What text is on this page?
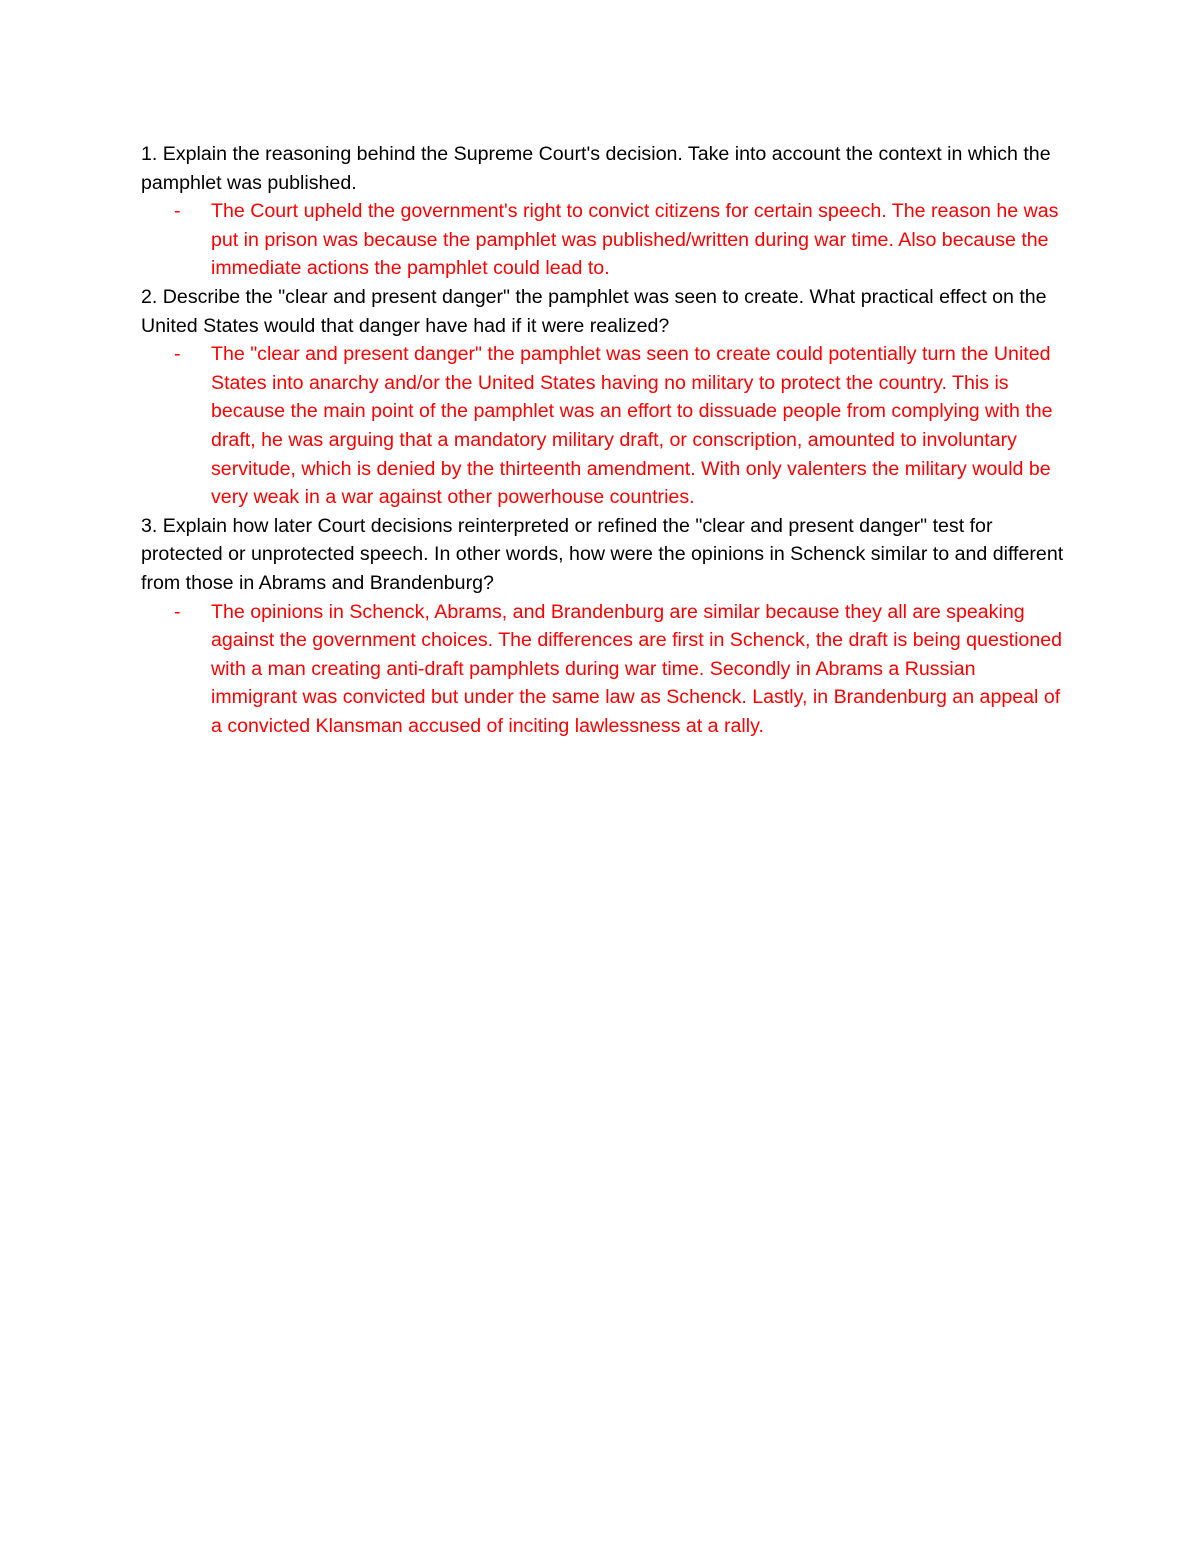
1. Explain the reasoning behind the Supreme Court's decision. Take into account the context in which the pamphlet was published.

- The Court upheld the government's right to convict citizens for certain speech. The reason he was put in prison was because the pamphlet was published/written during war time. Also because the immediate actions the pamphlet could lead to.

2. Describe the "clear and present danger" the pamphlet was seen to create. What practical effect on the United States would that danger have had if it were realized?

- The "clear and present danger" the pamphlet was seen to create could potentially turn the United States into anarchy and/or the United States having no military to protect the country. This is because the main point of the pamphlet was an effort to dissuade people from complying with the draft, he was arguing that a mandatory military draft, or conscription, amounted to involuntary servitude, which is denied by the thirteenth amendment. With only valenters the military would be very weak in a war against other powerhouse countries.

3. Explain how later Court decisions reinterpreted or refined the "clear and present danger" test for protected or unprotected speech. In other words, how were the opinions in Schenck similar to and different from those in Abrams and Brandenburg?

- The opinions in Schenck, Abrams, and Brandenburg are similar because they all are speaking against the government choices. The differences are first in Schenck, the draft is being questioned with a man creating anti-draft pamphlets during war time. Secondly in Abrams a Russian immigrant was convicted but under the same law as Schenck. Lastly, in Brandenburg an appeal of a convicted Klansman accused of inciting lawlessness at a rally.
